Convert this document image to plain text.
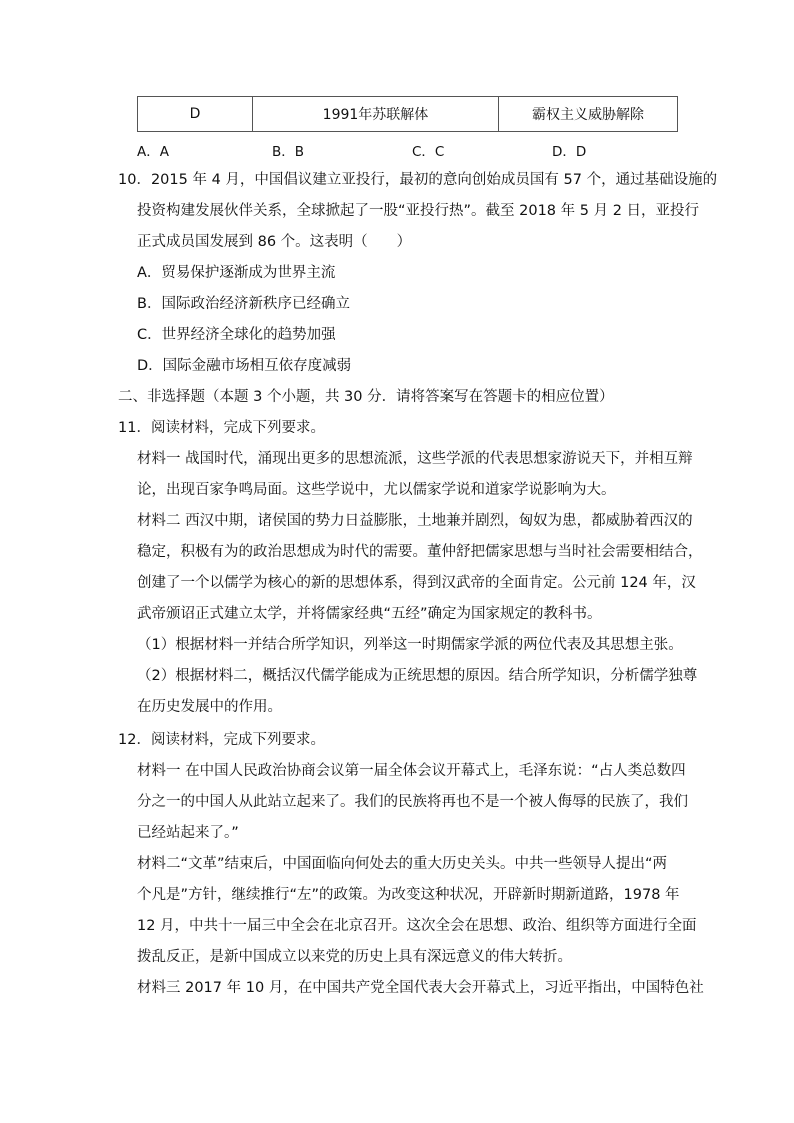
D	1991年苏联解体	霸权主义威胁解除
A．A	B．B	C．C	D．D
10．2015 年 4 月，中国倡议建立亚投行，最初的意向创始成员国有 57 个，通过基础设施的
投资构建发展伙伴关系，全球掀起了一股“亚投行热”。截至 2018 年 5 月 2 日，亚投行
正式成员国发展到 86 个。这表明（　　）
A．贸易保护逐渐成为世界主流
B．国际政治经济新秩序已经确立
C．世界经济全球化的趋势加强
D．国际金融市场相互依存度减弱
二、非选择题（本题 3 个小题，共 30 分．请将答案写在答题卡的相应位置）
11．阅读材料，完成下列要求。
材料一 战国时代，涌现出更多的思想流派，这些学派的代表思想家游说天下，并相互辩
论，出现百家争鸣局面。这些学说中，尤以儒家学说和道家学说影响为大。
材料二 西汉中期，诸侯国的势力日益膨胀，土地兼并剧烈，匈奴为患，都威胁着西汉的
稳定，积极有为的政治思想成为时代的需要。董仲舒把儒家思想与当时社会需要相结合，
创建了一个以儒学为核心的新的思想体系，得到汉武帝的全面肯定。公元前 124 年，汉
武帝颁诏正式建立太学，并将儒家经典“五经”确定为国家规定的教科书。
（1）根据材料一并结合所学知识，列举这一时期儒家学派的两位代表及其思想主张。
（2）根据材料二，概括汉代儒学能成为正统思想的原因。结合所学知识，分析儒学独尊
在历史发展中的作用。
12．阅读材料，完成下列要求。
材料一 在中国人民政治协商会议第一届全体会议开幕式上，毛泽东说：“占人类总数四
分之一的中国人从此站立起来了。我们的民族将再也不是一个被人侮辱的民族了，我们
已经站起来了。”
材料二“文革”结束后，中国面临向何处去的重大历史关头。中共一些领导人提出“两
个凡是”方针，继续推行“左”的政策。为改变这种状况，开辟新时期新道路，1978 年
12 月，中共十一届三中全会在北京召开。这次全会在思想、政治、组织等方面进行全面
拨乱反正，是新中国成立以来党的历史上具有深远意义的伟大转折。
材料三 2017 年 10 月，在中国共产党全国代表大会开幕式上，习近平指出，中国特色社
